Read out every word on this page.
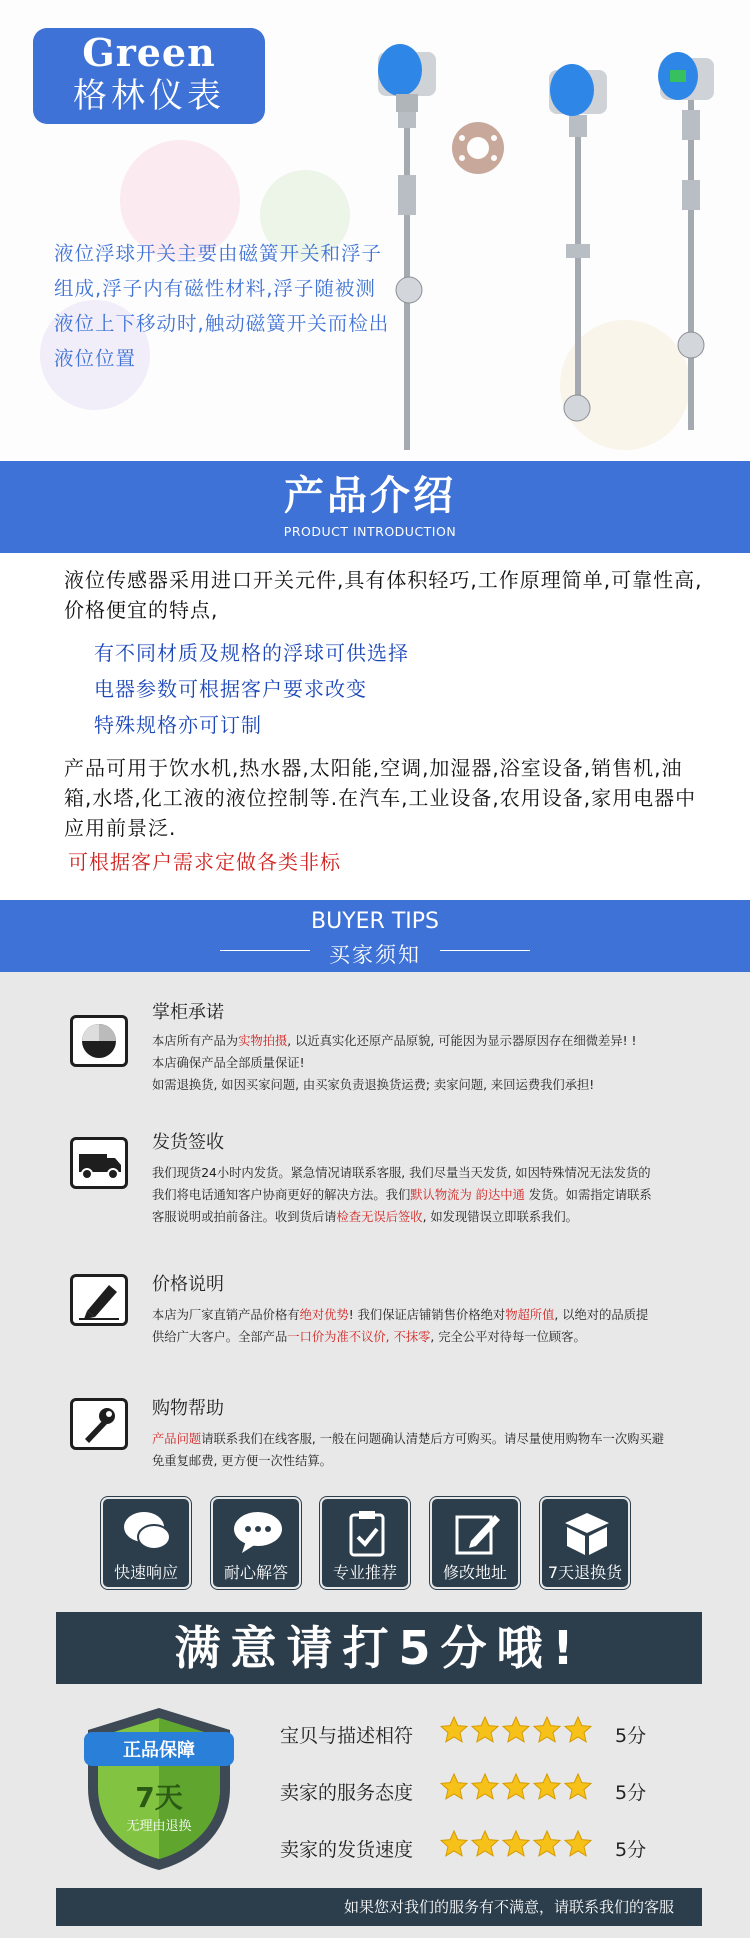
Green
格林仪表
液位浮球开关主要由磁簧开关和浮子组成,浮子内有磁性材料,浮子随被测液位上下移动时,触动磁簧开关而检出液位位置
产品介绍
PRODUCT INTRODUCTION

液位传感器采用进口开关元件,具有体积轻巧,工作原理简单,可靠性高,价格便宜的特点,

有不同材质及规格的浮球可供选择

电器参数可根据客户要求改变

特殊规格亦可订制

产品可用于饮水机,热水器,太阳能,空调,加湿器,浴室设备,销售机,油箱,水塔,化工液的液位控制等.在汽车,工业设备,农用设备,家用电器中应用前景泛.

可根据客户需求定做各类非标

BUYER TIPS
买家须知
掌柜承诺
本店所有产品为实物拍摄, 以近真实化还原产品原貌, 可能因为显示器原因存在细微差异! !
本店确保产品全部质量保证!
如需退换货, 如因买家问题, 由买家负责退换货运费; 卖家问题, 来回运费我们承担!
发货签收
我们现货24小时内发货。紧急情况请联系客服, 我们尽量当天发货, 如因特殊情况无法发货的
我们将电话通知客户协商更好的解决方法。我们默认物流为 韵达中通 发货。如需指定请联系
客服说明或拍前备注。收到货后请检查无误后签收, 如发现错误立即联系我们。
价格说明
本店为厂家直销产品价格有绝对优势! 我们保证店铺销售价格绝对物超所值, 以绝对的品质提
供给广大客户。全部产品一口价为准不议价, 不抹零, 完全公平对待每一位顾客。
购物帮助
产品问题请联系我们在线客服, 一般在问题确认清楚后方可购买。请尽量使用购物车一次购买避
免重复邮费, 更方便一次性结算。
快速响应	耐心解答	专业推荐	修改地址	7天退换货
满意请打5分哦!
正品保障
7天
无理由退换
宝贝与描述相符	5分
卖家的服务态度	5分
卖家的发货速度	5分
如果您对我们的服务有不满意，请联系我们的客服
